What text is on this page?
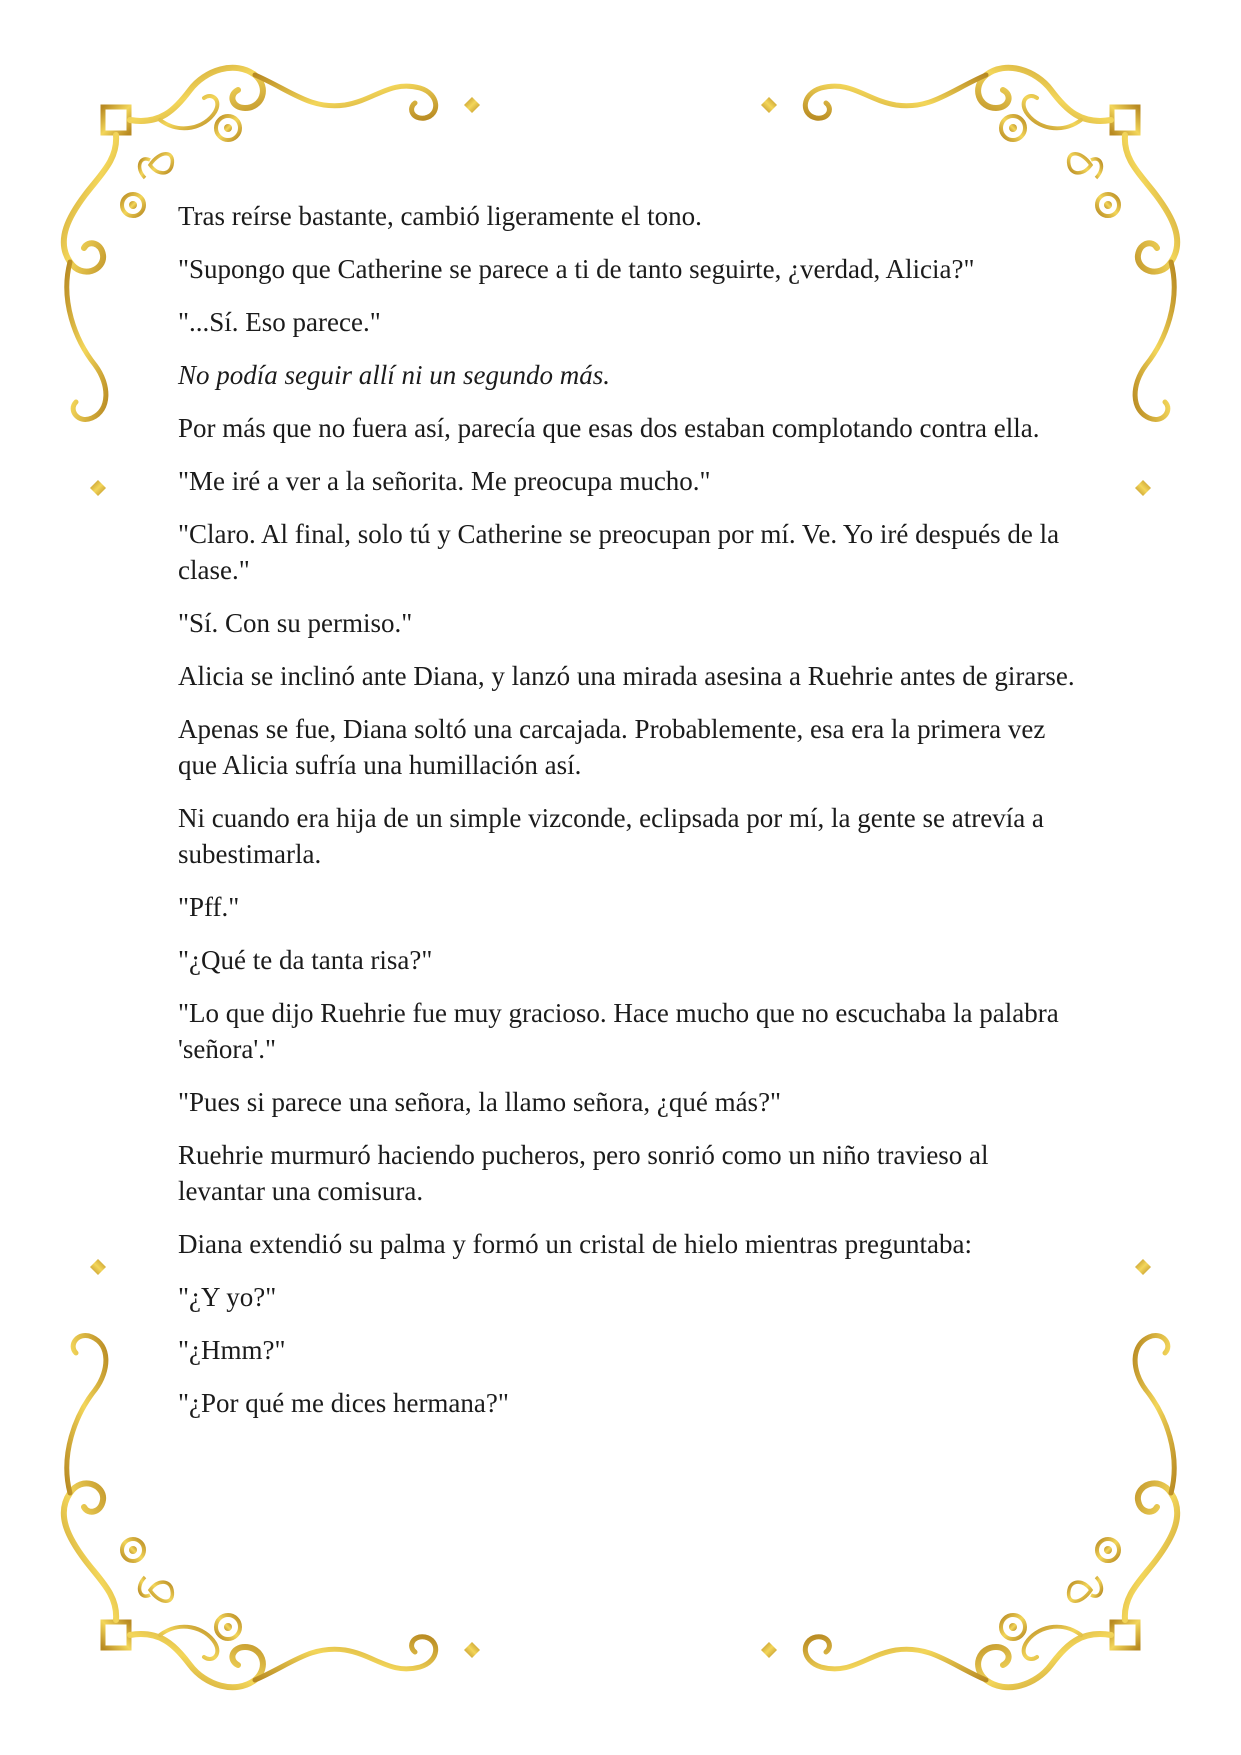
Tras reírse bastante, cambió ligeramente el tono.

"Supongo que Catherine se parece a ti de tanto seguirte, ¿verdad, Alicia?"

"...Sí. Eso parece."

No podía seguir allí ni un segundo más.

Por más que no fuera así, parecía que esas dos estaban complotando contra ella.

"Me iré a ver a la señorita. Me preocupa mucho."

"Claro. Al final, solo tú y Catherine se preocupan por mí. Ve. Yo iré después de la clase."

"Sí. Con su permiso."

Alicia se inclinó ante Diana, y lanzó una mirada asesina a Ruehrie antes de girarse.

Apenas se fue, Diana soltó una carcajada. Probablemente, esa era la primera vez que Alicia sufría una humillación así.

Ni cuando era hija de un simple vizconde, eclipsada por mí, la gente se atrevía a subestimarla.

"Pff."

"¿Qué te da tanta risa?"

"Lo que dijo Ruehrie fue muy gracioso. Hace mucho que no escuchaba la palabra 'señora'."

"Pues si parece una señora, la llamo señora, ¿qué más?"

Ruehrie murmuró haciendo pucheros, pero sonrió como un niño travieso al levantar una comisura.

Diana extendió su palma y formó un cristal de hielo mientras preguntaba:

"¿Y yo?"

"¿Hmm?"

"¿Por qué me dices hermana?"
